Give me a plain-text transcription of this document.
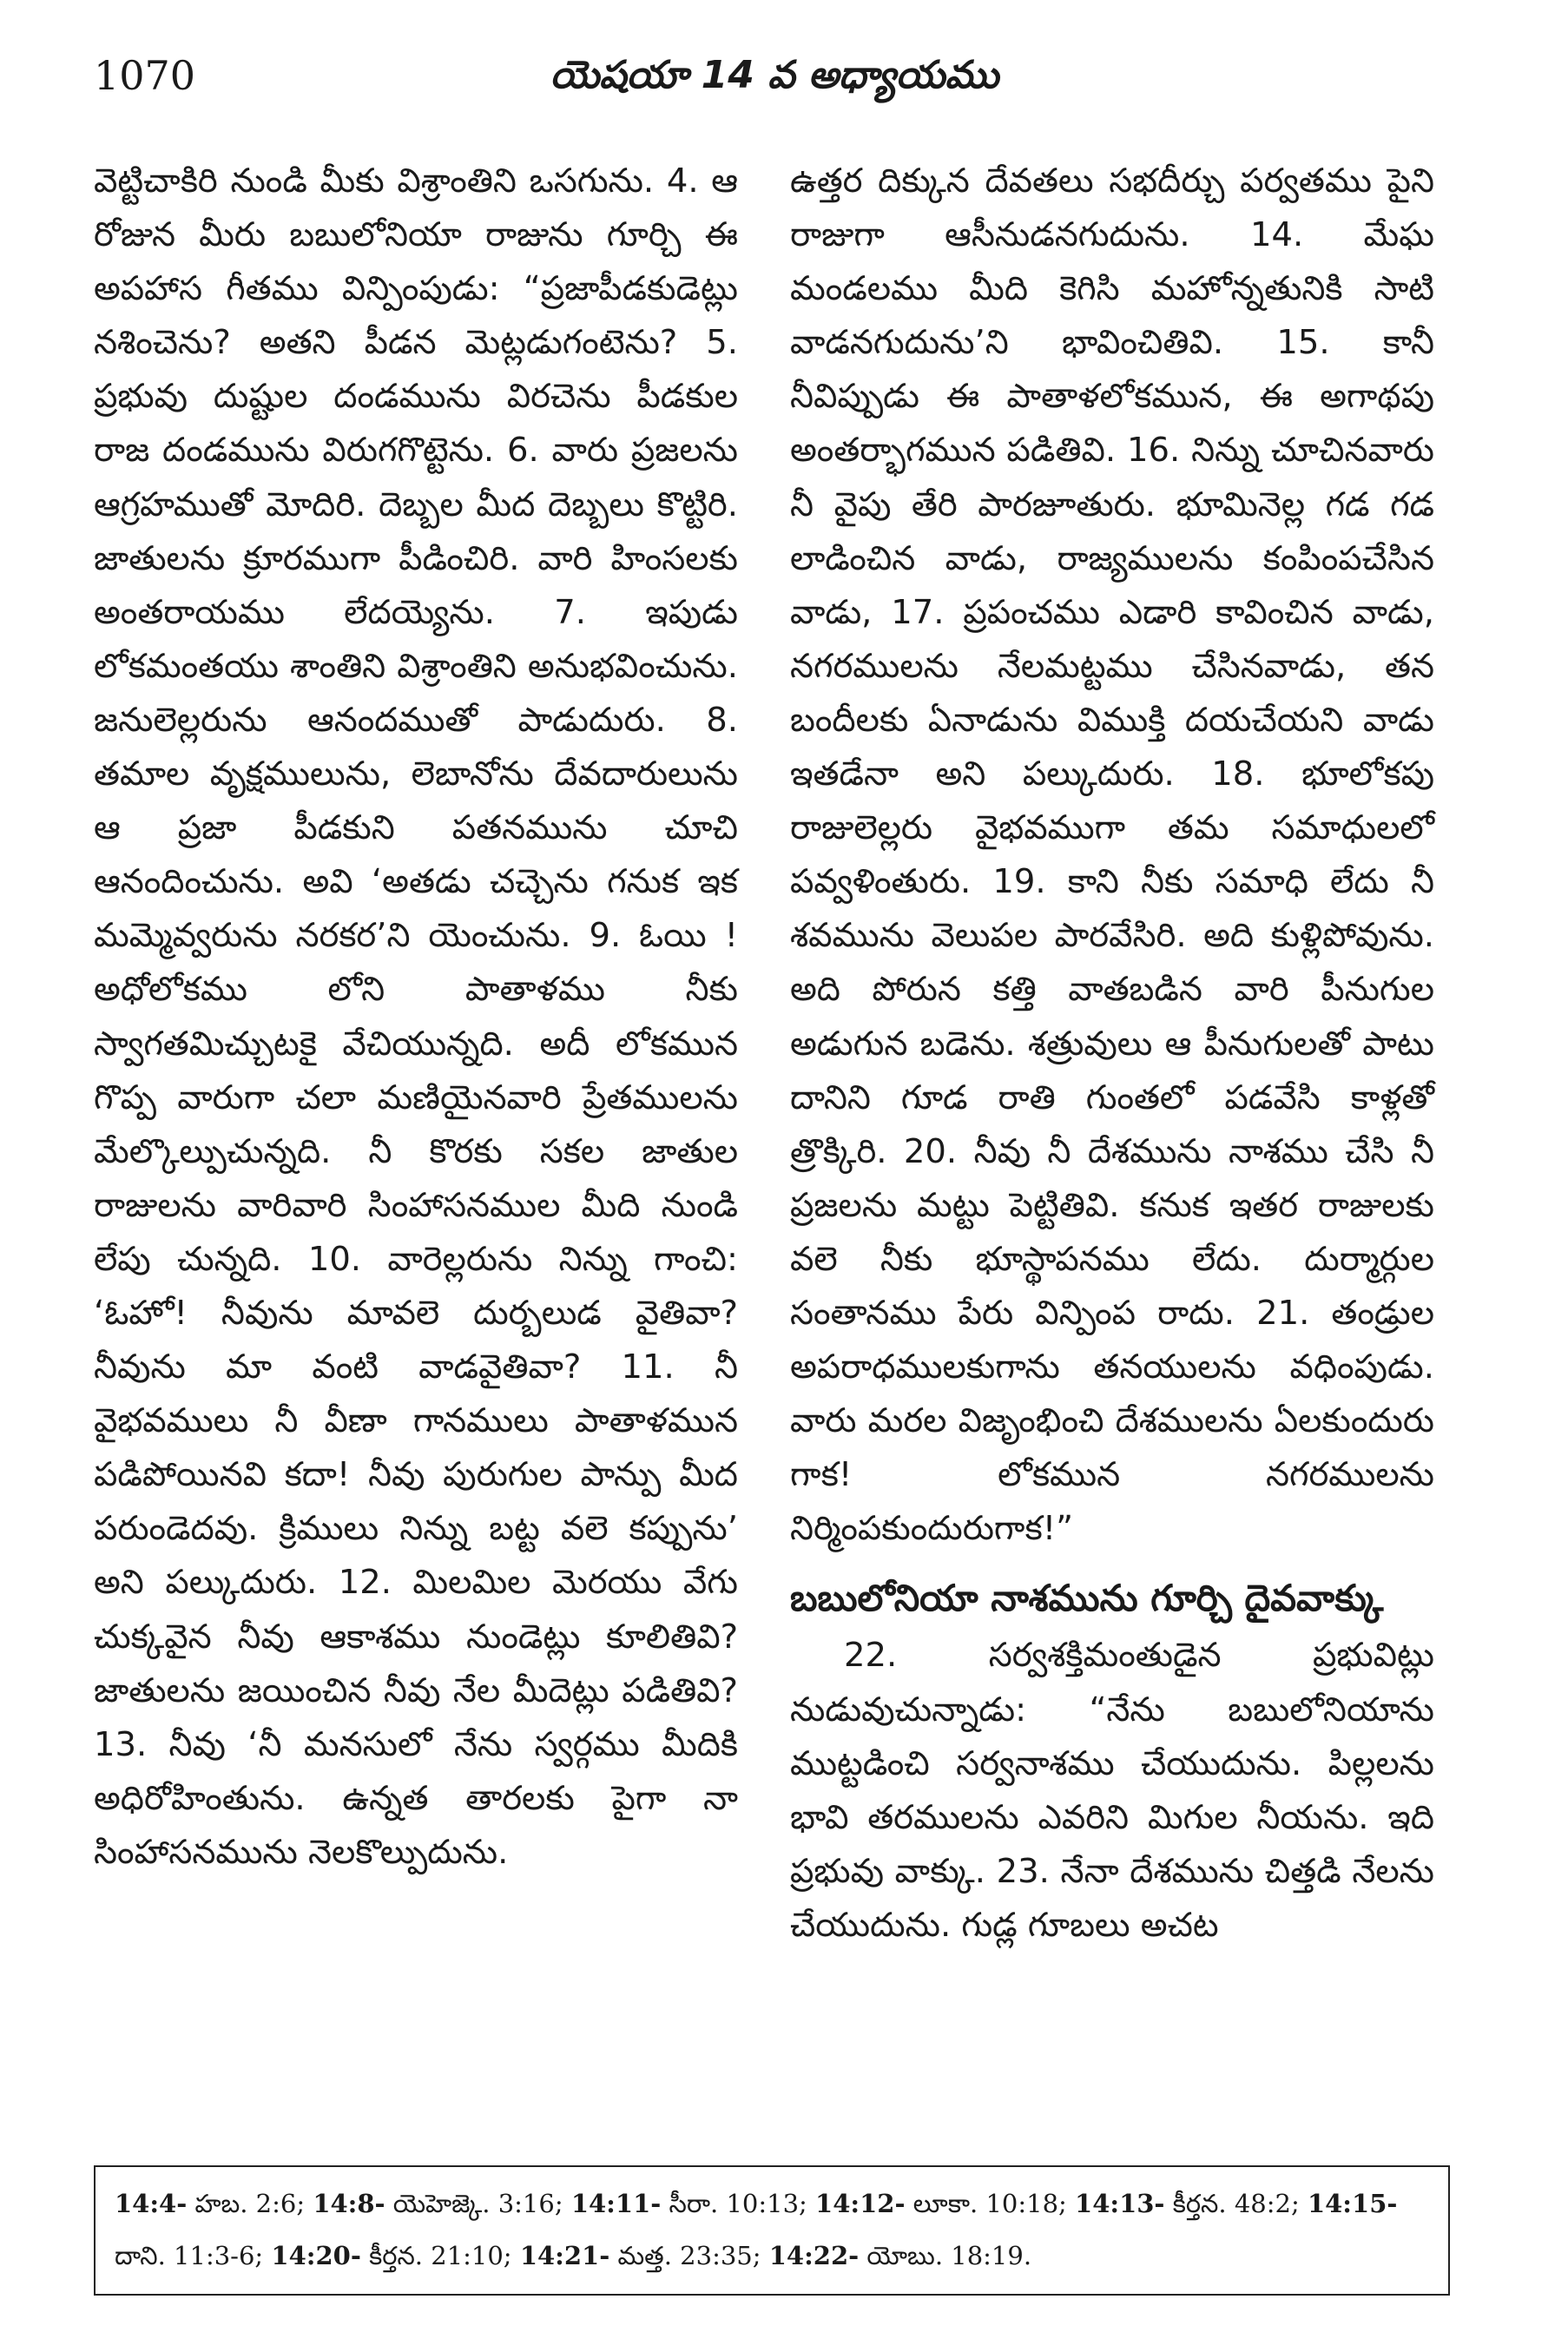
1070	యెషయా 14 వ అధ్యాయము

వెట్టిచాకిరి నుండి మీకు విశ్రాంతిని ఒసగును. 4. ఆ రోజున మీరు బబులోనియా రాజును గూర్చి ఈ అపహాస గీతము విన్పింపుడు: “ప్రజాపీడకుడెట్లు నశించెను? అతని పీడన మెట్లడుగంటెను? 5. ప్రభువు దుష్టుల దండమును విరచెను పీడకుల రాజ దండమును విరుగగొట్టెను. 6. వారు ప్రజలను ఆగ్రహముతో మోదిరి. దెబ్బల మీద దెబ్బలు కొట్టిరి. జాతులను క్రూరముగా పీడించిరి. వారి హింసలకు అంతరాయము లేదయ్యెను. 7. ఇపుడు లోకమంతయు శాంతిని విశ్రాంతిని అనుభవించును. జనులెల్లరును ఆనందముతో పాడుదురు. 8. తమాల వృక్షములును, లెబానోను దేవదారులును ఆ ప్రజా పీడకుని పతనమును చూచి ఆనందించును. అవి ‘అతడు చచ్చెను గనుక ఇక మమ్మెవ్వరును నరకర’ని యెంచును. 9. ఓయి ! అధోలోకము లోని పాతాళము నీకు స్వాగతమిచ్చుటకై వేచియున్నది. అదీ లోకమున గొప్ప వారుగా చలా మణియైనవారి ప్రేతములను మేల్కొల్పుచున్నది. నీ కొరకు సకల జాతుల రాజులను వారివారి సింహాసనముల మీది నుండి లేపు చున్నది. 10. వారెల్లరును నిన్ను గాంచి: ‘ఓహో! నీవును మావలె దుర్బలుడ వైతివా? నీవును మా వంటి వాడవైతివా? 11. నీ వైభవములు నీ వీణా గానములు పాతాళమున పడిపోయినవి కదా! నీవు పురుగుల పాన్పు మీద పరుండెదవు. క్రిములు నిన్ను బట్ట వలె కప్పును’ అని పల్కుదురు. 12. మిలమిల మెరయు వేగు చుక్కవైన నీవు ఆకాశము నుండెట్లు కూలితివి? జాతులను జయించిన నీవు నేల మీదెట్లు పడితివి? 13. నీవు ‘నీ మనసులో నేను స్వర్గము మీదికి అధిరోహింతును. ఉన్నత తారలకు పైగా నా సింహాసనమును నెలకొల్పుదును.

ఉత్తర దిక్కున దేవతలు సభదీర్చు పర్వతము పైని రాజుగా ఆసీనుడనగుదును. 14. మేఘ మండలము మీది కెగిసి మహోన్నతునికి సాటి వాడనగుదును’ని భావించితివి. 15. కానీ నీవిప్పుడు ఈ పాతాళలోకమున, ఈ అగాథపు అంతర్భాగమున పడితివి. 16. నిన్ను చూచినవారు నీ వైపు తేరి పారజూతురు. భూమినెల్ల గడ గడ లాడించిన వాడు, రాజ్యములను కంపింపచేసిన వాడు, 17. ప్రపంచము ఎడారి కావించిన వాడు, నగరములను నేలమట్టము చేసినవాడు, తన బందీలకు ఏనాడును విముక్తి దయచేయని వాడు ఇతడేనా అని పల్కుదురు. 18. భూలోకపు రాజులెల్లరు వైభవముగా తమ సమాధులలో పవ్వళింతురు. 19. కాని నీకు సమాధి లేదు నీ శవమును వెలుపల పారవేసిరి. అది కుళ్లిపోవును. అది పోరున కత్తి వాతబడిన వారి పీనుగుల అడుగున బడెను. శత్రువులు ఆ పీనుగులతో పాటు దానిని గూడ రాతి గుంతలో పడవేసి కాళ్లతో త్రొక్కిరి. 20. నీవు నీ దేశమును నాశము చేసి నీ ప్రజలను మట్టు పెట్టితివి. కనుక ఇతర రాజులకు వలె నీకు భూస్థాపనము లేదు. దుర్మార్గుల సంతానము పేరు విన్పింప రాదు. 21. తండ్రుల అపరాధములకుగాను తనయులను వధింపుడు. వారు మరల విజృంభించి దేశములను ఏలకుందురు గాక! లోకమున నగరములను నిర్మింపకుందురుగాక!”

బబులోనియా నాశమును గూర్చి దైవవాక్కు

22. సర్వశక్తిమంతుడైన ప్రభువిట్లు నుడువుచున్నాడు: “నేను బబులోనియాను ముట్టడించి సర్వనాశము చేయుదును. పిల్లలను భావి తరములను ఎవరిని మిగుల నీయను. ఇది ప్రభువు వాక్కు. 23. నేనా దేశమును చిత్తడి నేలను చేయుదును. గుడ్ల గూబలు అచట

14:4- హబ. 2:6; 14:8- యెహెజ్కె. 3:16; 14:11- సీరా. 10:13; 14:12- లూకా. 10:18; 14:13- కీర్తన. 48:2; 14:15- దాని. 11:3-6; 14:20- కీర్తన. 21:10; 14:21- మత్త. 23:35; 14:22- యోబు. 18:19.
